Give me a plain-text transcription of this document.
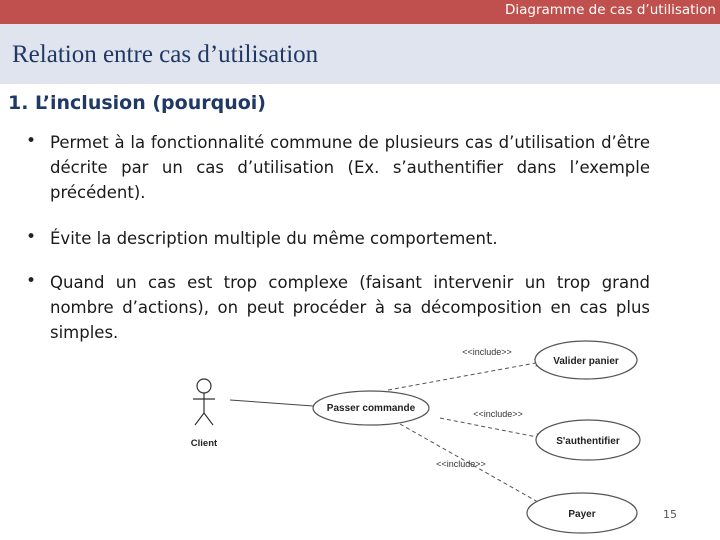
Diagramme de cas d’utilisation
Relation entre cas d’utilisation
1. L’inclusion (pourquoi)
• Permet à la fonctionnalité commune de plusieurs cas d’utilisation d’être décrite par un cas d’utilisation (Ex. s’authentifier dans l’exemple précédent).
• Évite la description multiple du même comportement.
• Quand un cas est trop complexe (faisant intervenir un trop grand nombre d’actions), on peut procéder à sa décomposition en cas plus simples.
Client
<<include>>
<<include>>
<<include>>
Passer commande
Valider panier
S'authentifier
Payer	15
